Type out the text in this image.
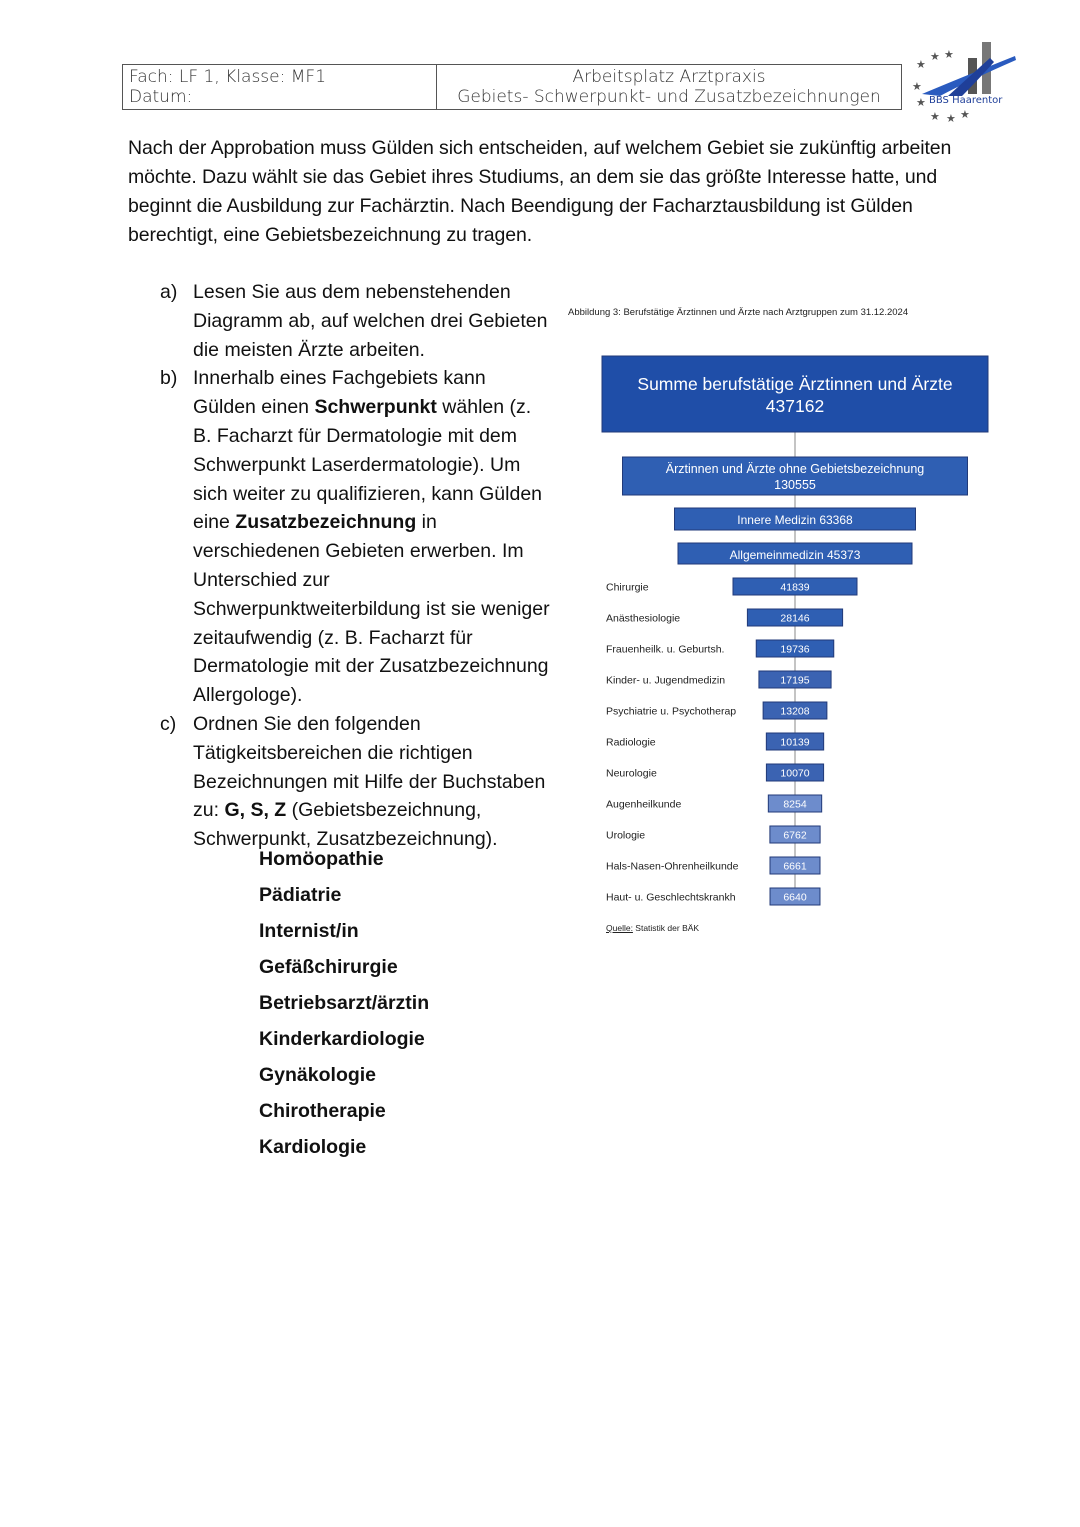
Fach: LF 1, Klasse: MF1
Datum:
Arbeitsplatz Arztpraxis
Gebiets- Schwerpunkt- und Zusatzbezeichnungen
★
★ ★
★
★
★ ★ ★
BBS Haarentor
Nach der Approbation muss Gülden sich entscheiden, auf welchem Gebiet sie zukünftig arbeiten möchte. Dazu wählt sie das Gebiet ihres Studiums, an dem sie das größte Interesse hatte, und beginnt die Ausbildung zur Fachärztin. Nach Beendigung der Facharztausbildung ist Gülden berechtigt, eine Gebietsbezeichnung zu tragen.
a) Lesen Sie aus dem nebenstehenden Diagramm ab, auf welchen drei Gebieten die meisten Ärzte arbeiten.
b) Innerhalb eines Fachgebiets kann Gülden einen Schwerpunkt wählen (z. B. Facharzt für Dermatologie mit dem Schwerpunkt Laserdermatologie). Um sich weiter zu qualifizieren, kann Gülden eine Zusatzbezeichnung in verschiedenen Gebieten erwerben. Im Unterschied zur Schwerpunktweiterbildung ist sie weniger zeitaufwendig (z. B. Facharzt für Dermatologie mit der Zusatzbezeichnung Allergologe).
c) Ordnen Sie den folgenden Tätigkeitsbereichen die richtigen Bezeichnungen mit Hilfe der Buchstaben zu: G, S, Z (Gebietsbezeichnung, Schwerpunkt, Zusatzbezeichnung).
Homöopathie
Pädiatrie
Internist/in
Gefäßchirurgie
Betriebsarzt/ärztin
Kinderkardiologie
Gynäkologie
Chirotherapie
Kardiologie
Abbildung 3: Berufstätige Ärztinnen und Ärzte nach Arztgruppen zum 31.12.2024
Summe berufstätige Ärztinnen und Ärzte
437162
Ärztinnen und Ärzte ohne Gebietsbezeichnung
130555
Innere Medizin 63368
Allgemeinmedizin 45373
41839
Chirurgie
28146
Anästhesiologie
19736
Frauenheilk. u. Geburtsh.
17195
Kinder- u. Jugendmedizin
13208
Psychiatrie u. Psychotherap
10139
Radiologie
10070
Neurologie
8254
Augenheilkunde
6762
Urologie
6661
Hals-Nasen-Ohrenheilkunde
6640
Haut- u. Geschlechtskrankh
Quelle: Statistik der BÄK
